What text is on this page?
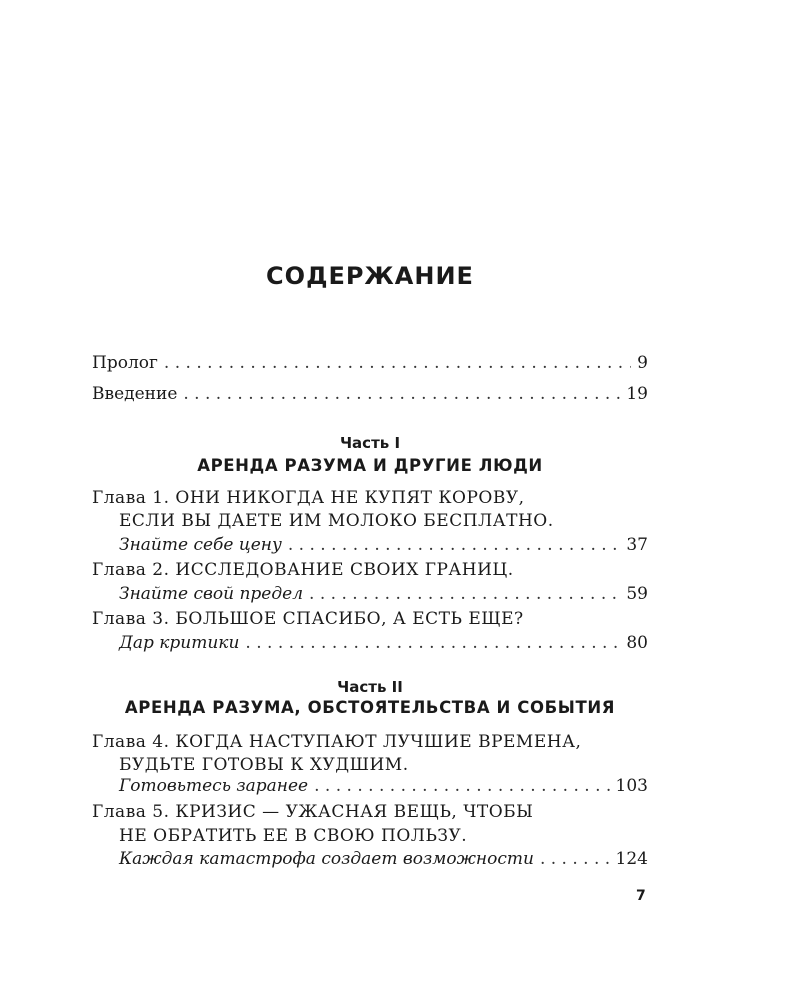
СОДЕРЖАНИЕ
Пролог . . .	9
Введение . . .	19
Часть I
АРЕНДА РАЗУМА И ДРУГИЕ ЛЮДИ
Глава 1. ОНИ НИКОГДА НЕ КУПЯТ КОРОВУ,
ЕСЛИ ВЫ ДАЕТЕ ИМ МОЛОКО БЕСПЛАТНО.
Знайте себе цену . . .	37
Глава 2. ИССЛЕДОВАНИЕ СВОИХ ГРАНИЦ.
Знайте свой предел . . .	59
Глава 3. БОЛЬШОЕ СПАСИБО, А ЕСТЬ ЕЩЕ?
Дар критики . . .	80
Часть II
АРЕНДА РАЗУМА, ОБСТОЯТЕЛЬСТВА И СОБЫТИЯ
Глава 4. КОГДА НАСТУПАЮТ ЛУЧШИЕ ВРЕМЕНА,
БУДЬТЕ ГОТОВЫ К ХУДШИМ.
Готовьтесь заранее . . .	103
Глава 5. КРИЗИС — УЖАСНАЯ ВЕЩЬ, ЧТОБЫ
НЕ ОБРАТИТЬ ЕЕ В СВОЮ ПОЛЬЗУ.
Каждая катастрофа создает возможности . . .	124
7
